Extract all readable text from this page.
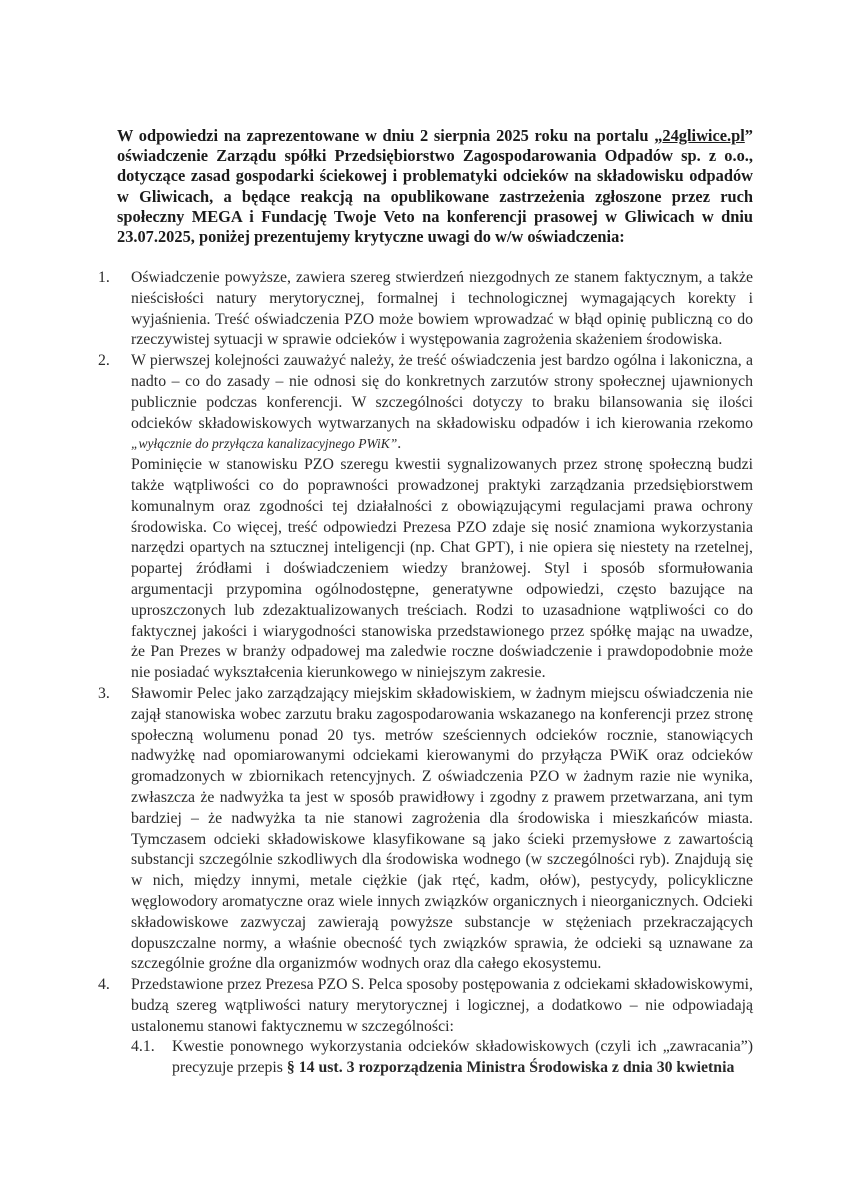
W odpowiedzi na zaprezentowane w dniu 2 sierpnia 2025 roku na portalu „24gliwice.pl” oświadczenie Zarządu spółki Przedsiębiorstwo Zagospodarowania Odpadów sp. z o.o., dotyczące zasad gospodarki ściekowej i problematyki odcieków na składowisku odpadów w Gliwicach, a będące reakcją na opublikowane zastrzeżenia zgłoszone przez ruch społeczny MEGA i Fundację Twoje Veto na konferencji prasowej w Gliwicach w dniu 23.07.2025, poniżej prezentujemy krytyczne uwagi do w/w oświadczenia:
1. Oświadczenie powyższe, zawiera szereg stwierdzeń niezgodnych ze stanem faktycznym, a także nieścisłości natury merytorycznej, formalnej i technologicznej wymagających korekty i wyjaśnienia. Treść oświadczenia PZO może bowiem wprowadzać w błąd opinię publiczną co do rzeczywistej sytuacji w sprawie odcieków i występowania zagrożenia skażeniem środowiska.

2. W pierwszej kolejności zauważyć należy, że treść oświadczenia jest bardzo ogólna i lakoniczna, a nadto – co do zasady – nie odnosi się do konkretnych zarzutów strony społecznej ujawnionych publicznie podczas konferencji. W szczególności dotyczy to braku bilansowania się ilości odcieków składowiskowych wytwarzanych na składowisku odpadów i ich kierowania rzekomo „wyłącznie do przyłącza kanalizacyjnego PWiK”.

Pominięcie w stanowisku PZO szeregu kwestii sygnalizowanych przez stronę społeczną budzi także wątpliwości co do poprawności prowadzonej praktyki zarządzania przedsiębiorstwem komunalnym oraz zgodności tej działalności z obowiązującymi regulacjami prawa ochrony środowiska. Co więcej, treść odpowiedzi Prezesa PZO zdaje się nosić znamiona wykorzystania narzędzi opartych na sztucznej inteligencji (np. Chat GPT), i nie opiera się niestety na rzetelnej, popartej źródłami i doświadczeniem wiedzy branżowej. Styl i sposób sformułowania argumentacji przypomina ogólnodostępne, generatywne odpowiedzi, często bazujące na uproszczonych lub zdezaktualizowanych treściach. Rodzi to uzasadnione wątpliwości co do faktycznej jakości i wiarygodności stanowiska przedstawionego przez spółkę mając na uwadze, że Pan Prezes w branży odpadowej ma zaledwie roczne doświadczenie i prawdopodobnie może nie posiadać wykształcenia kierunkowego w niniejszym zakresie.

3. Sławomir Pelec jako zarządzający miejskim składowiskiem, w żadnym miejscu oświadczenia nie zajął stanowiska wobec zarzutu braku zagospodarowania wskazanego na konferencji przez stronę społeczną wolumenu ponad 20 tys. metrów sześciennych odcieków rocznie, stanowiących nadwyżkę nad opomiarowanymi odciekami kierowanymi do przyłącza PWiK oraz odcieków gromadzonych w zbiornikach retencyjnych. Z oświadczenia PZO w żadnym razie nie wynika, zwłaszcza że nadwyżka ta jest w sposób prawidłowy i zgodny z prawem przetwarzana, ani tym bardziej – że nadwyżka ta nie stanowi zagrożenia dla środowiska i mieszkańców miasta. Tymczasem odcieki składowiskowe klasyfikowane są jako ścieki przemysłowe z zawartością substancji szczególnie szkodliwych dla środowiska wodnego (w szczególności ryb). Znajdują się w nich, między innymi, metale ciężkie (jak rtęć, kadm, ołów), pestycydy, policykliczne węglowodory aromatyczne oraz wiele innych związków organicznych i nieorganicznych. Odcieki składowiskowe zazwyczaj zawierają powyższe substancje w stężeniach przekraczających dopuszczalne normy, a właśnie obecność tych związków sprawia, że odcieki są uznawane za szczególnie groźne dla organizmów wodnych oraz dla całego ekosystemu.

4. Przedstawione przez Prezesa PZO S. Pelca sposoby postępowania z odciekami składowiskowymi, budzą szereg wątpliwości natury merytorycznej i logicznej, a dodatkowo – nie odpowiadają ustalonemu stanowi faktycznemu w szczególności:

4.1. Kwestie ponownego wykorzystania odcieków składowiskowych (czyli ich „zawracania”) precyzuje przepis § 14 ust. 3 rozporządzenia Ministra Środowiska z dnia 30 kwietnia
